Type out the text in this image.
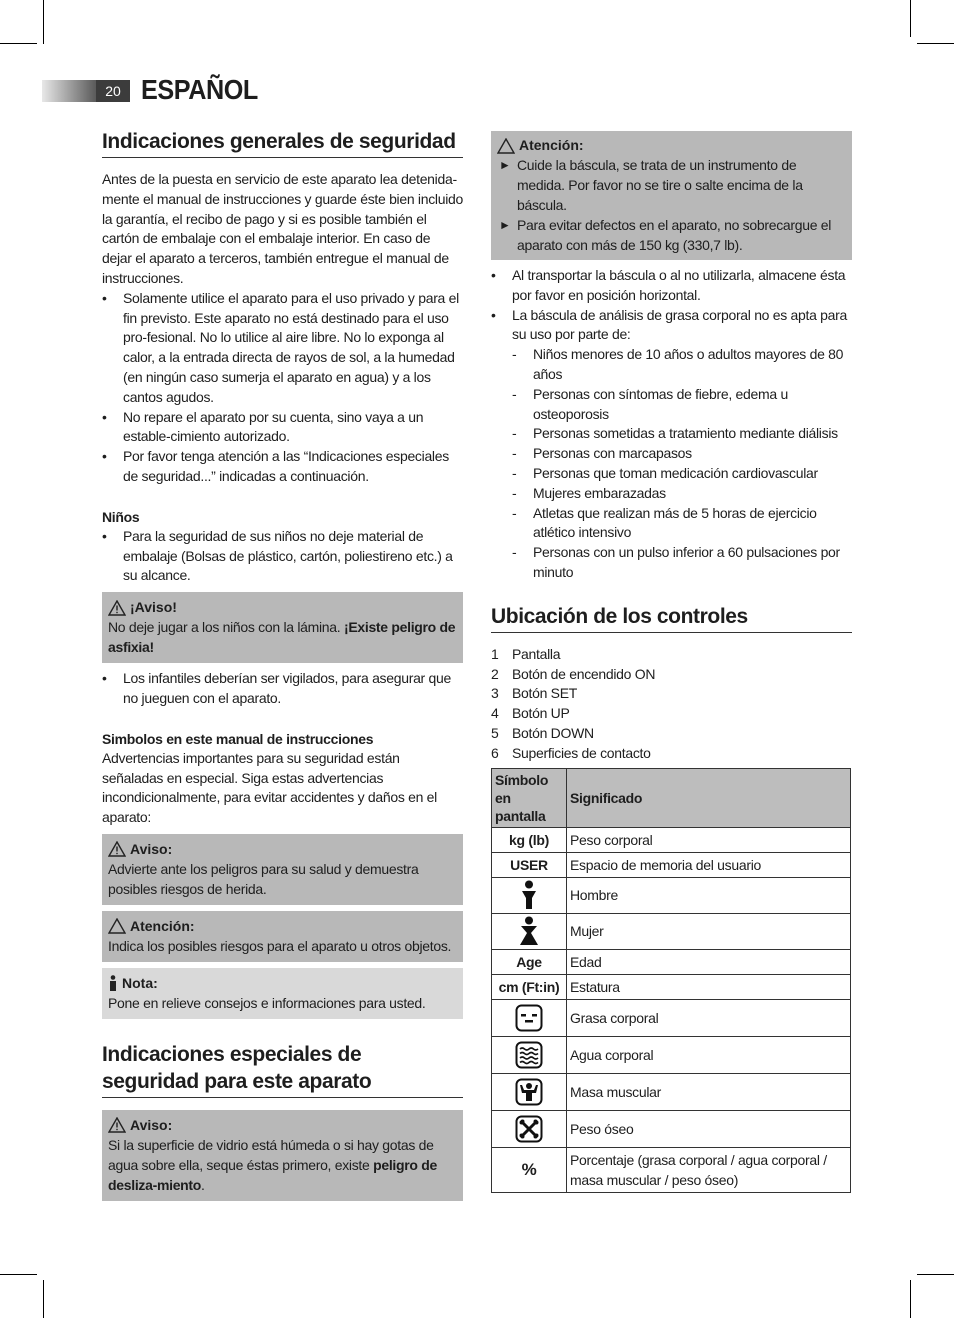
20 ESPAÑOL
Indicaciones generales de seguridad

Antes de la puesta en servicio de este aparato lea detenida-mente el manual de instrucciones y guarde éste bien incluido la garantía, el recibo de pago y si es posible también el cartón de embalaje con el embalaje interior. En caso de dejar el aparato a terceros, también entregue el manual de instrucciones.

• Solamente utilice el aparato para el uso privado y para el fin previsto. Este aparato no está destinado para el uso pro-fesional. No lo utilice al aire libre. No lo exponga al calor, a la entrada directa de rayos de sol, a la humedad (en ningún caso sumerja el aparato en agua) y a los cantos agudos.
• No repare el aparato por su cuenta, sino vaya a un estable-cimiento autorizado.
• Por favor tenga atención a las “Indicaciones especiales de seguridad...” indicadas a continuación.
Niños
• Para la seguridad de sus niños no deje material de embalaje (Bolsas de plástico, cartón, poliestireno etc.) a su alcance.
¡Aviso!

No deje jugar a los niños con la lámina. ¡Existe peligro de asfixia!

• Los infantiles deberían ser vigilados, para asegurar que no jueguen con el aparato.
Simbolos en este manual de instrucciones

Advertencias importantes para su seguridad están señaladas en especial. Siga estas advertencias incondicionalmente, para evitar accidentes y daños en el aparato:

Aviso:

Advierte ante los peligros para su salud y demuestra posibles riesgos de herida.

Atención:

Indica los posibles riesgos para el aparato u otros objetos.

Nota:

Pone en relieve consejos e informaciones para usted.

Indicaciones especiales de seguridad para este aparato
Aviso:

Si la superficie de vidrio está húmeda o si hay gotas de agua sobre ella, seque éstas primero, existe peligro de desliza-miento.

Atención:
► Cuide la báscula, se trata de un instrumento de medida. Por favor no se tire o salte encima de la báscula.
► Para evitar defectos en el aparato, no sobrecargue el aparato con más de 150 kg (330,7 lb).
• Al transportar la báscula o al no utilizarla, almacene ésta por favor en posición horizontal.
• La báscula de análisis de grasa corporal no es apta para su uso por parte de:
- Niños menores de 10 años o adultos mayores de 80 años
- Personas con síntomas de fiebre, edema u osteoporosis
- Personas sometidas a tratamiento mediante diálisis
- Personas con marcapasos
- Personas que toman medicación cardiovascular
- Mujeres embarazadas
- Atletas que realizan más de 5 horas de ejercicio atlético intensivo
- Personas con un pulso inferior a 60 pulsaciones por minuto
Ubicación de los controles
1 Pantalla
2 Botón de encendido ON
3 Botón SET
4 Botón UP
5 Botón DOWN
6 Superficies de contacto
Símbolo en pantalla	Significado
kg (lb)	Peso corporal
USER	Espacio de memoria del usuario

	Hombre

	Mujer
Age	Edad
cm (Ft:in)	Estatura

	Grasa corporal

	Agua corporal

	Masa muscular

	Peso óseo
%	Porcentaje (grasa corporal / agua corporal / masa muscular / peso óseo)
